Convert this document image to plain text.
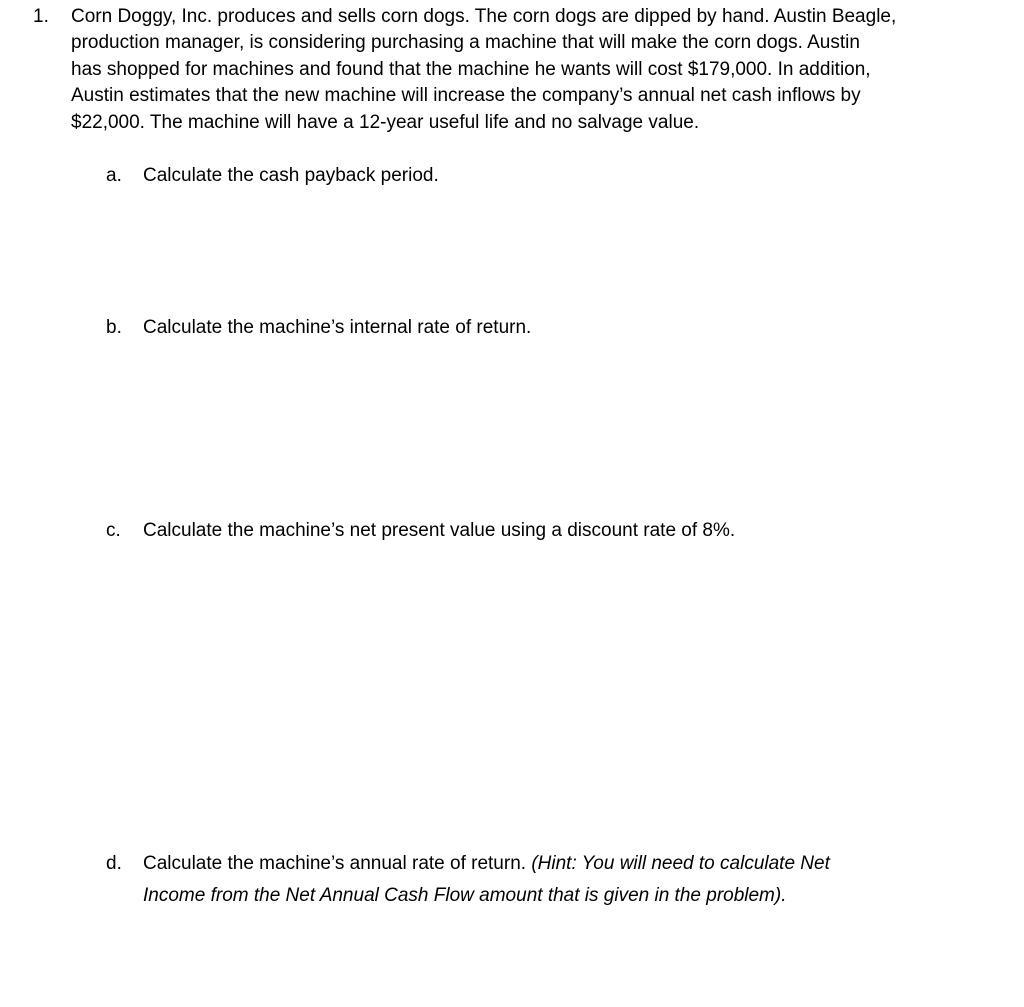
1. Corn Doggy, Inc. produces and sells corn dogs. The corn dogs are dipped by hand. Austin Beagle,
production manager, is considering purchasing a machine that will make the corn dogs. Austin
has shopped for machines and found that the machine he wants will cost $179,000. In addition,
Austin estimates that the new machine will increase the company’s annual net cash inflows by
$22,000. The machine will have a 12-year useful life and no salvage value.
a. Calculate the cash payback period.
b. Calculate the machine’s internal rate of return.
c. Calculate the machine’s net present value using a discount rate of 8%.
d. Calculate the machine’s annual rate of return. (Hint: You will need to calculate Net
Income from the Net Annual Cash Flow amount that is given in the problem).
